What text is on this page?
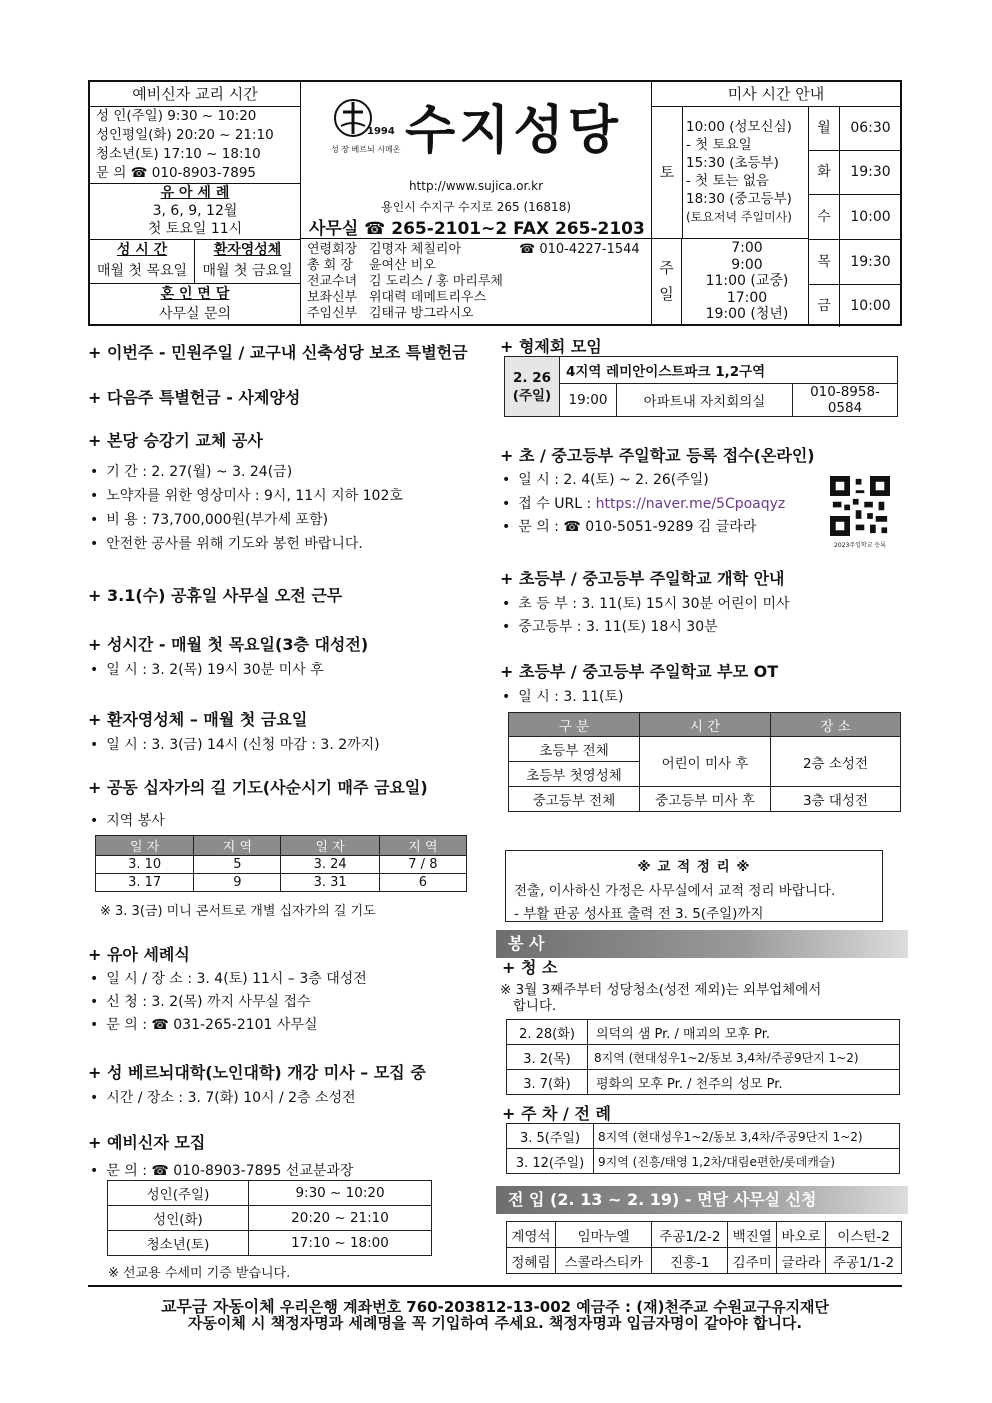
예비신자 교리 시간
성 인(주일) 9:30 ~ 10:20
성인평일(화) 20:20 ~ 21:10
청소년(토) 17:10 ~ 18:10
문 의 ☎ 010-8903-7895
유 아 세 례
3, 6, 9, 12월
첫 토요일 11시
성 시 간
매월 첫 목요일
환자영성체
매월 첫 금요일
혼 인 면 담
사무실 문의
1994
성 장 베르뇌 시메온 수지성당
http://www.sujica.or.kr
용인시 수지구 수지로 265 (16818)
사무실 ☎ 265-2101~2 FAX 265-2103
연령회장 김명자 체칠리아	☎ 010-4227-1544
총 회 장	윤여산 비오
전교수녀 김 도리스 / 홍 마리루체
보좌신부 위대력 데메트리우스
주임신부 김태규 방그라시오
미사 시간 안내
토
10:00 (성모신심)
- 첫 토요일
15:30 (초등부)
- 첫 토는 없음
18:30 (중고등부)
(토요저녁 주일미사)
주
일
7:00
9:00
11:00 (교중)
17:00
19:00 (청년)
월	06:30
화	19:30
수	10:00
목	19:30
금	10:00
+ 이번주 - 민원주일 / 교구내 신축성당 보조 특별헌금
+ 다음주 특별헌금 - 사제양성
+ 본당 승강기 교체 공사
• 기 간 : 2. 27(월) ~ 3. 24(금)
• 노약자를 위한 영상미사 : 9시, 11시 지하 102호
• 비 용 : 73,700,000원(부가세 포함)
• 안전한 공사를 위해 기도와 봉헌 바랍니다.
+ 3.1(수) 공휴일 사무실 오전 근무
+ 성시간 - 매월 첫 목요일(3층 대성전)
• 일 시 : 3. 2(목) 19시 30분 미사 후
+ 환자영성체 – 매월 첫 금요일
• 일 시 : 3. 3(금) 14시 (신청 마감 : 3. 2까지)
+ 공동 십자가의 길 기도(사순시기 매주 금요일)
• 지역 봉사
일 자	지 역	일 자	지 역
3. 10	5	3. 24	7 / 8
3. 17	9	3. 31	6
※ 3. 3(금) 미니 콘서트로 개별 십자가의 길 기도
+ 유아 세례식
• 일 시 / 장 소 : 3. 4(토) 11시 – 3층 대성전
• 신 청 : 3. 2(목) 까지 사무실 접수
• 문 의 : ☎ 031-265-2101 사무실
+ 성 베르뇌대학(노인대학) 개강 미사 – 모집 중
• 시간 / 장소 : 3. 7(화) 10시 / 2층 소성전
+ 예비신자 모집
• 문 의 : ☎ 010-8903-7895 선교분과장
성인(주일)	9:30 ~ 10:20
성인(화)	20:20 ~ 21:10
청소년(토)	17:10 ~ 18:00
※ 선교용 수세미 기증 받습니다.
+ 형제회 모임
2. 26
(주일)	4지역 레미안이스트파크 1,2구역		
	19:00	아파트내 자치회의실	010-8958-0584
+ 초 / 중고등부 주일학교 등록 접수(온라인)
• 일 시 : 2. 4(토) ~ 2. 26(주일)
• 접 수 URL : https://naver.me/5Cpoaqyz
• 문 의 : ☎ 010-5051-9289 김 글라라
2023주일학교 등록
+ 초등부 / 중고등부 주일학교 개학 안내
• 초 등 부 : 3. 11(토) 15시 30분 어린이 미사
• 중고등부 : 3. 11(토) 18시 30분
+ 초등부 / 중고등부 주일학교 부모 OT
• 일 시 : 3. 11(토)
구 분	시 간	장 소
초등부 전체	어린이 미사 후	2층 소성전
초등부 첫영성체		
중고등부 전체	중고등부 미사 후	3층 대성전
※ 교 적 정 리 ※
전출, 이사하신 가정은 사무실에서 교적 정리 바랍니다.
- 부활 판공 성사표 출력 전 3. 5(주일)까지
봉 사
+ 청 소
※ 3월 3째주부터 성당청소(성전 제외)는 외부업체에서
합니다.
2. 28(화)	의덕의 샘 Pr. / 매괴의 모후 Pr.
3. 2(목)	8지역 (현대성우1~2/동보 3,4차/주공9단지 1~2)
3. 7(화)	평화의 모후 Pr. / 천주의 성모 Pr.
+ 주 차 / 전 례
3. 5(주일)	8지역 (현대성우1~2/동보 3,4차/주공9단지 1~2)
3. 12(주일)	9지역 (진흥/태영 1,2차/대림e편한/롯데캐슬)
전 입 (2. 13 ~ 2. 19) - 면담 사무실 신청
계영석	임마누엘	주공1/2-2	백진열	바오로	이스턴-2
정혜림	스콜라스티카	진흥-1	김주미	글라라	주공1/1-2
교무금 자동이체 우리은행 계좌번호 760-203812-13-002 예금주 : (재)천주교 수원교구유지재단
자동이체 시 책정자명과 세례명을 꼭 기입하여 주세요. 책정자명과 입금자명이 같아야 합니다.
